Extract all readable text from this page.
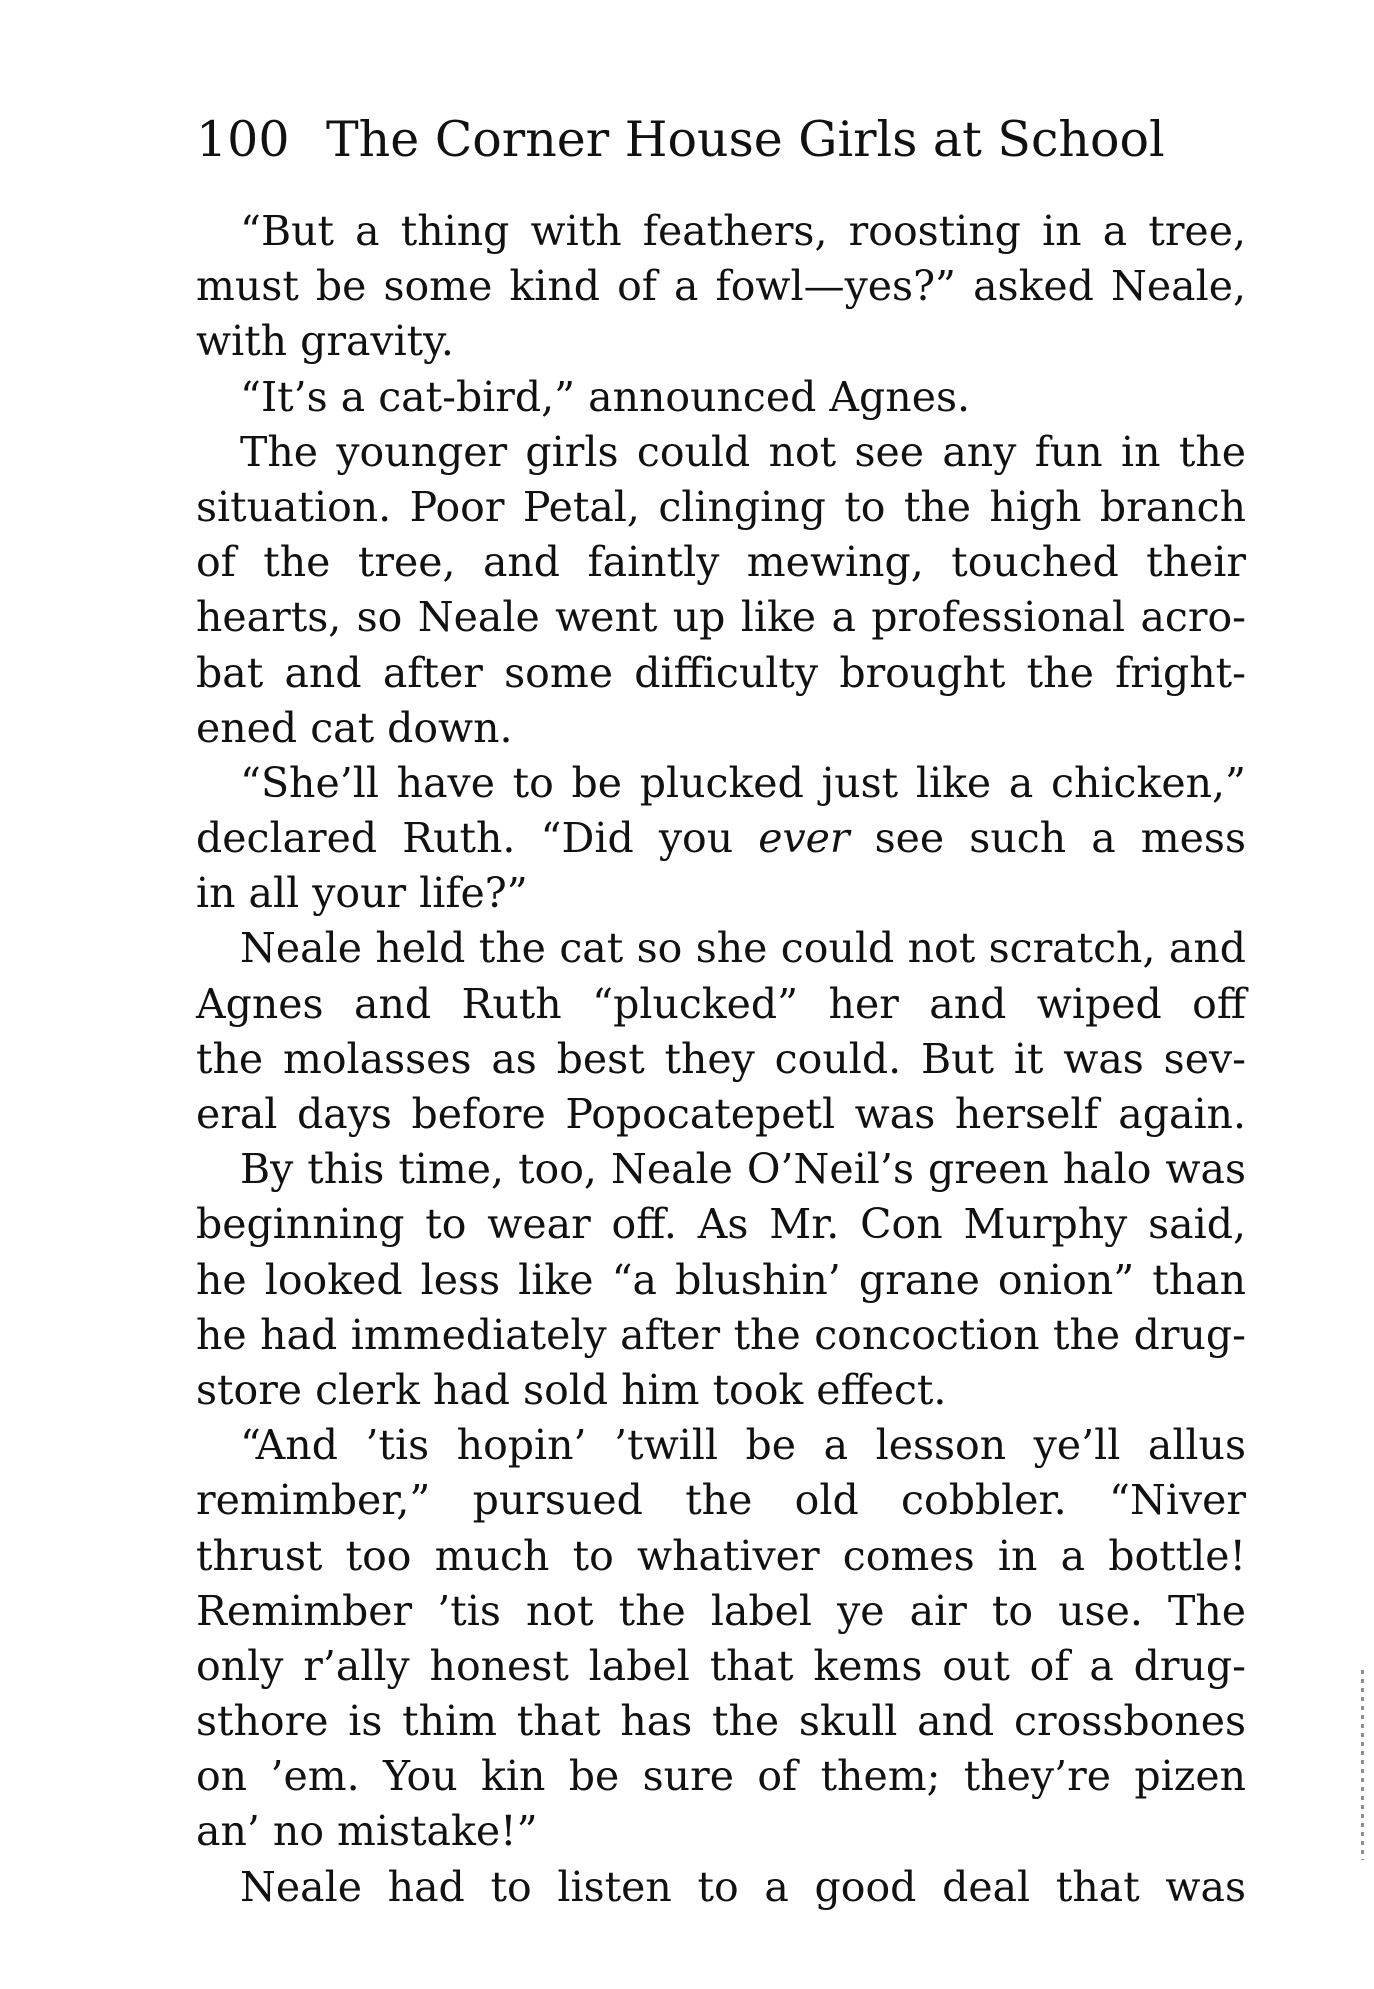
100 The Corner House Girls at School
“But a thing with feathers, roosting in a tree,
must be some kind of a fowl—yes?” asked Neale,
with gravity.
“It’s a cat-bird,” announced Agnes.
The younger girls could not see any fun in the
situation. Poor Petal, clinging to the high branch
of the tree, and faintly mewing, touched their
hearts, so Neale went up like a professional acro-
bat and after some difficulty brought the fright-
ened cat down.
“She’ll have to be plucked just like a chicken,”
declared Ruth. “Did you ever see such a mess
in all your life?”
Neale held the cat so she could not scratch, and
Agnes and Ruth “plucked” her and wiped off
the molasses as best they could. But it was sev-
eral days before Popocatepetl was herself again.
By this time, too, Neale O’Neil’s green halo was
beginning to wear off. As Mr. Con Murphy said,
he looked less like “a blushin’ grane onion” than
he had immediately after the concoction the drug-
store clerk had sold him took effect.
“And ’tis hopin’ ’twill be a lesson ye’ll allus
remimber,” pursued the old cobbler. “Niver
thrust too much to whativer comes in a bottle!
Remimber ’tis not the label ye air to use. The
only r’ally honest label that kems out of a drug-
sthore is thim that has the skull and crossbones
on ’em. You kin be sure of them; they’re pizen
an’ no mistake!”
Neale had to listen to a good deal that was
